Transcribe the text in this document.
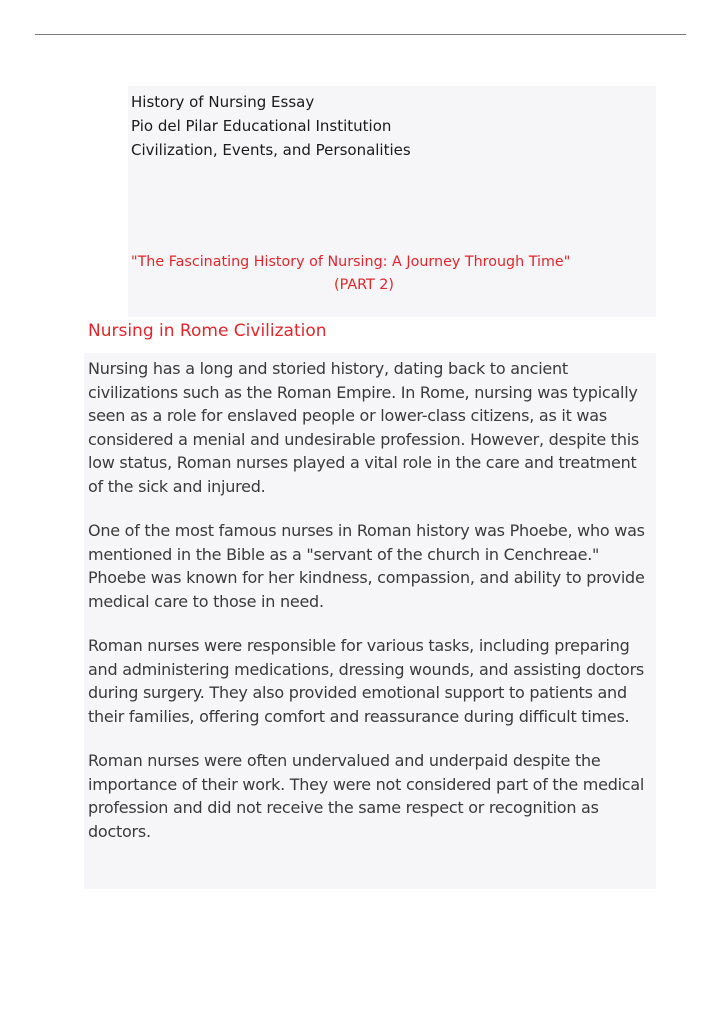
History of Nursing Essay
Pio del Pilar Educational Institution
Civilization, Events, and Personalities
"The Fascinating History of Nursing: A Journey Through Time"
(PART 2)
Nursing in Rome Civilization

Nursing has a long and storied history, dating back to ancient civilizations such as the Roman Empire. In Rome, nursing was typically seen as a role for enslaved people or lower-class citizens, as it was considered a menial and undesirable profession. However, despite this low status, Roman nurses played a vital role in the care and treatment of the sick and injured.

One of the most famous nurses in Roman history was Phoebe, who was mentioned in the Bible as a "servant of the church in Cenchreae." Phoebe was known for her kindness, compassion, and ability to provide medical care to those in need.

Roman nurses were responsible for various tasks, including preparing and administering medications, dressing wounds, and assisting doctors during surgery. They also provided emotional support to patients and their families, offering comfort and reassurance during difficult times.

Roman nurses were often undervalued and underpaid despite the importance of their work. They were not considered part of the medical profession and did not receive the same respect or recognition as doctors.
